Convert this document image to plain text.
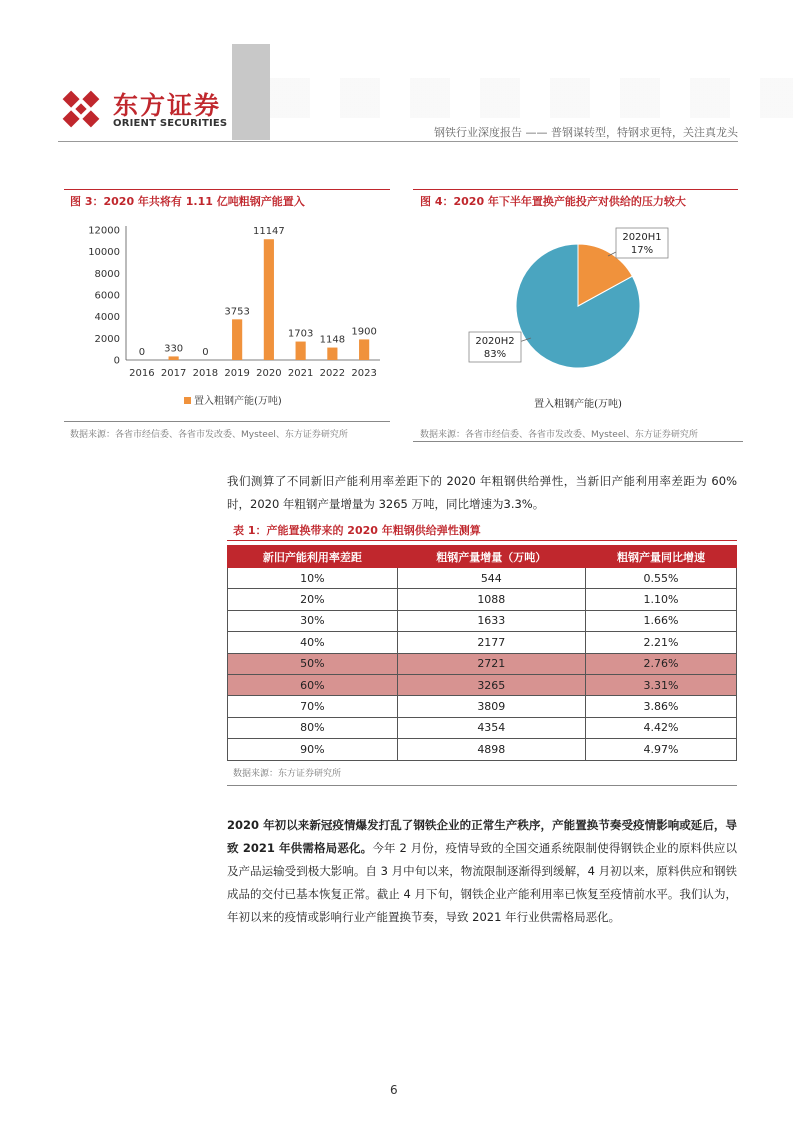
东方证券
ORIENT SECURITIES
钢铁行业深度报告 —— 普钢谋转型，特钢求更特，关注真龙头
图 3：2020 年共将有 1.11 亿吨粗钢产能置入
0
2000
4000
6000
8000
10000
12000
0
2016
330
2017
0
2018
3753
2019
11147
2020
1703
2021
1148
2022
1900
2023
置入粗钢产能(万吨)
数据来源：各省市经信委、各省市发改委、Mysteel、东方证券研究所
图 4：2020 年下半年置换产能投产对供给的压力较大
2020H1
17%
2020H2
83%
置入粗钢产能(万吨)
数据来源：各省市经信委、各省市发改委、Mysteel、东方证券研究所
我们测算了不同新旧产能利用率差距下的 2020 年粗钢供给弹性，当新旧产能利用率差距为 60% 时，2020 年粗钢产量增量为 3265 万吨，同比增速为3.3%。
表 1：产能置换带来的 2020 年粗钢供给弹性测算
新旧产能利用率差距	粗钢产量增量（万吨）	粗钢产量同比增速
10%	544	0.55%
20%	1088	1.10%
30%	1633	1.66%
40%	2177	2.21%
50%	2721	2.76%
60%	3265	3.31%
70%	3809	3.86%
80%	4354	4.42%
90%	4898	4.97%
数据来源：东方证券研究所
2020 年初以来新冠疫情爆发打乱了钢铁企业的正常生产秩序，产能置换节奏受疫情影响或延后，导致 2021 年供需格局恶化。今年 2 月份，疫情导致的全国交通系统限制使得钢铁企业的原料供应以及产品运输受到极大影响。自 3 月中旬以来，物流限制逐渐得到缓解，4 月初以来，原料供应和钢铁成品的交付已基本恢复正常。截止 4 月下旬，钢铁企业产能利用率已恢复至疫情前水平。我们认为，年初以来的疫情或影响行业产能置换节奏，导致 2021 年行业供需格局恶化。
6
